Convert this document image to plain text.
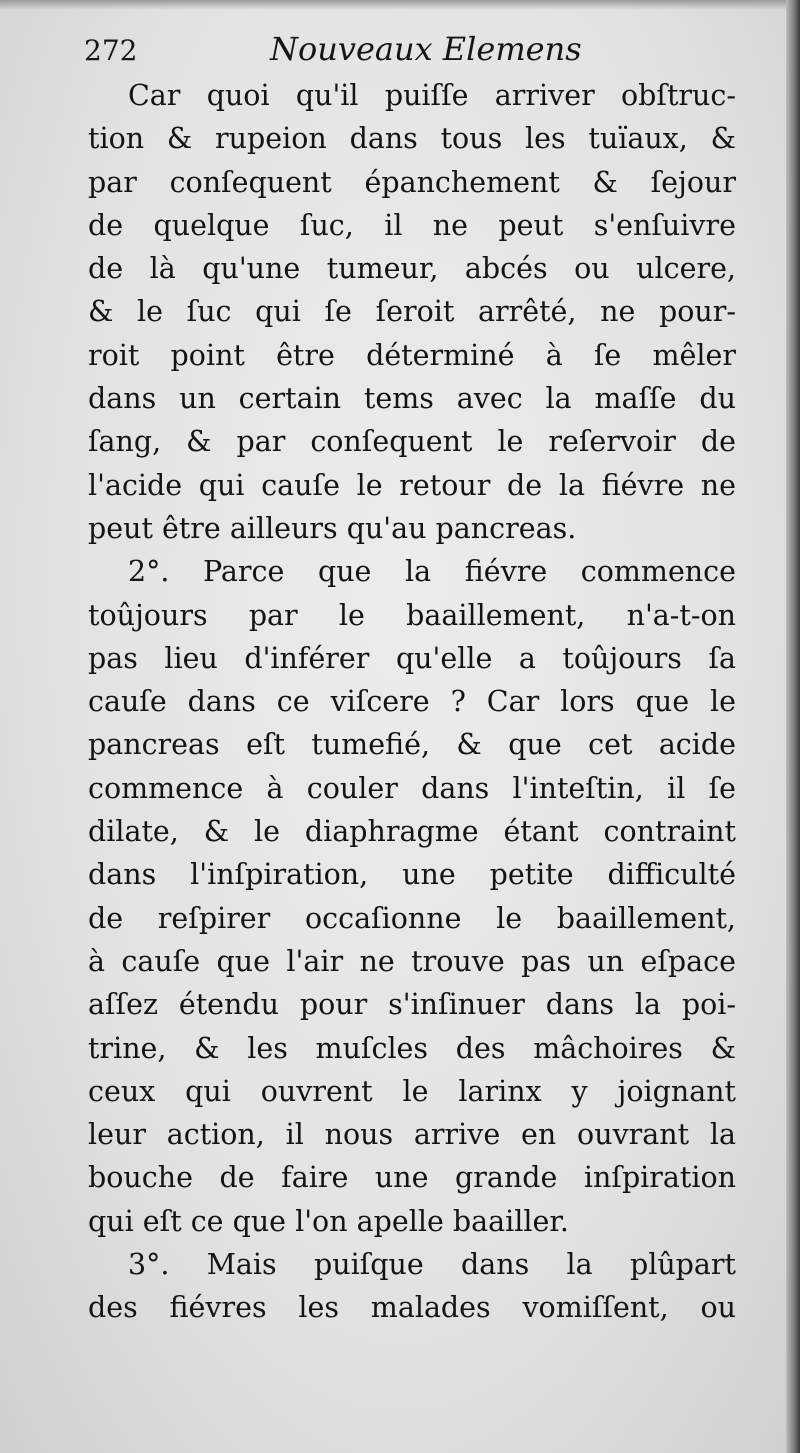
272	Nouveaux Elemens
Car quoi qu'il puiſſe arriver obſtruc-
tion & rupeion dans tous les tuïaux, &
par conſequent épanchement & ſejour
de quelque ſuc, il ne peut s'enſuivre
de là qu'une tumeur, abcés ou ulcere,
& le ſuc qui ſe ſeroit arrêté, ne pour-
roit point être déterminé à ſe mêler
dans un certain tems avec la maſſe du
ſang, & par conſequent le reſervoir de
l'acide qui cauſe le retour de la fiévre ne
peut être ailleurs qu'au pancreas.
2°. Parce que la fiévre commence
toûjours par le baaillement, n'a-t-on
pas lieu d'inférer qu'elle a toûjours ſa
cauſe dans ce viſcere ? Car lors que le
pancreas eſt tumefié, & que cet acide
commence à couler dans l'inteſtin, il ſe
dilate, & le diaphragme étant contraint
dans l'inſpiration, une petite difficulté
de reſpirer occaſionne le baaillement,
à cauſe que l'air ne trouve pas un eſpace
aſſez étendu pour s'inſinuer dans la poi-
trine, & les muſcles des mâchoires &
ceux qui ouvrent le larinx y joignant
leur action, il nous arrive en ouvrant la
bouche de faire une grande inſpiration
qui eſt ce que l'on apelle baailler.
3°. Mais puiſque dans la plûpart
des fiévres les malades vomiſſent, ou
